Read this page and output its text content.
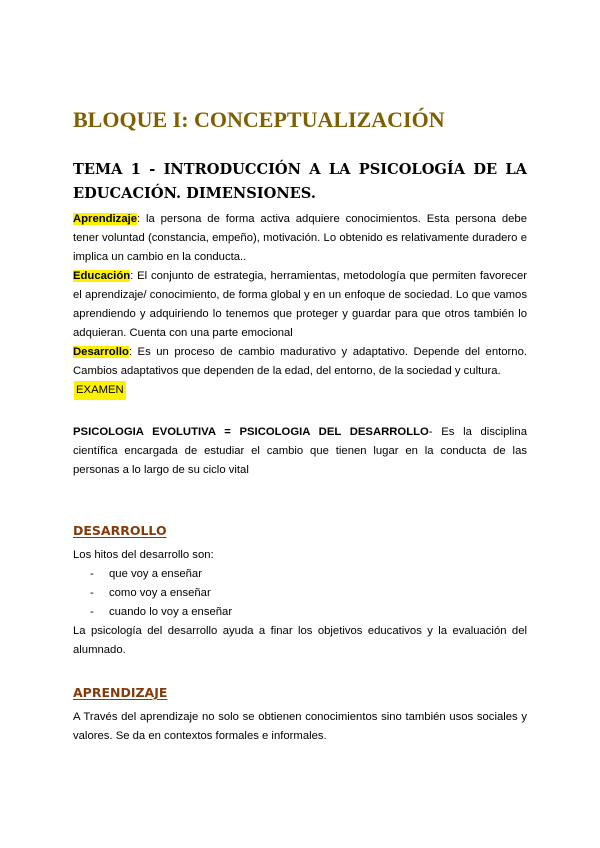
BLOQUE I: CONCEPTUALIZACIÓN
TEMA 1 - INTRODUCCIÓN A LA PSICOLOGÍA DE LA EDUCACIÓN. DIMENSIONES.

Aprendizaje: la persona de forma activa adquiere conocimientos. Esta persona debe tener voluntad (constancia, empeño), motivación. Lo obtenido es relativamente duradero e implica un cambio en la conducta..

Educación: El conjunto de estrategia, herramientas, metodología que permiten favorecer el aprendizaje/ conocimiento, de forma global y en un enfoque de sociedad. Lo que vamos aprendiendo y adquiriendo lo tenemos que proteger y guardar para que otros también lo adquieran. Cuenta con una parte emocional

Desarrollo: Es un proceso de cambio madurativo y adaptativo. Depende del entorno. Cambios adaptativos que dependen de la edad, del entorno, de la sociedad y cultura.

EXAMEN

PSICOLOGIA EVOLUTIVA = PSICOLOGIA DEL DESARROLLO- Es la disciplina científica encargada de estudiar el cambio que tienen lugar en la conducta de las personas a lo largo de su ciclo vital

DESARROLLO

Los hitos del desarrollo son:

- que voy a enseñar
- como voy a enseñar
- cuando lo voy a enseñar

La psicología del desarrollo ayuda a finar los objetivos educativos y la evaluación del alumnado.

APRENDIZAJE

A Través del aprendizaje no solo se obtienen conocimientos sino también usos sociales y valores. Se da en contextos formales e informales.
